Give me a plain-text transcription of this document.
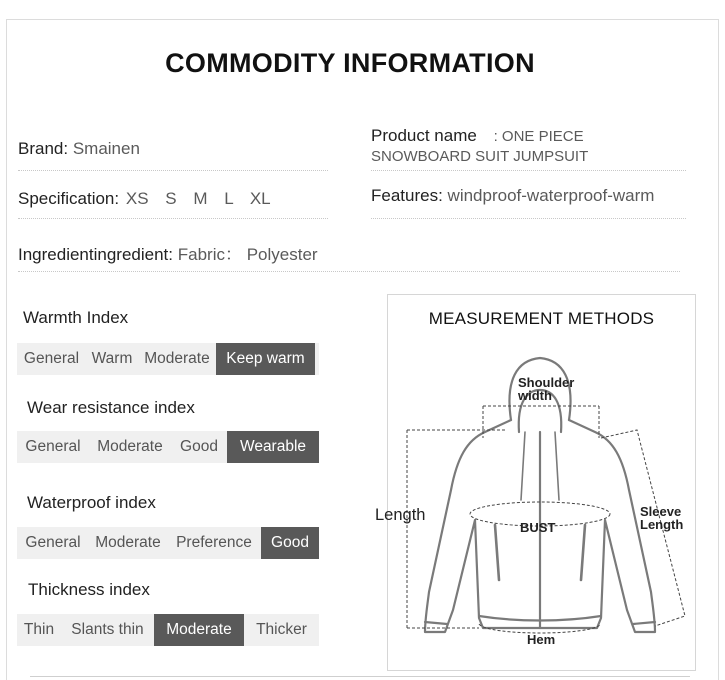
COMMODITY INFORMATION
Brand: Smainen
Product name : ONE PIECE
SNOWBOARD SUIT JUMPSUIT
Specification: XS S M L XL	Features: windproof-waterproof-warm
Ingredientingredient: Fabric： Polyester
Warmth Index
General Warm Moderate	Keep warm
Wear resistance index
General	Moderate	Good	Wearable
Waterproof index
General Moderate Preference	Good
Thickness index
Thin	Slants thin	Moderate	Thicker
MEASUREMENT METHODS
Shoulder
width
Length
BUST
Sleeve
Length
Hem
